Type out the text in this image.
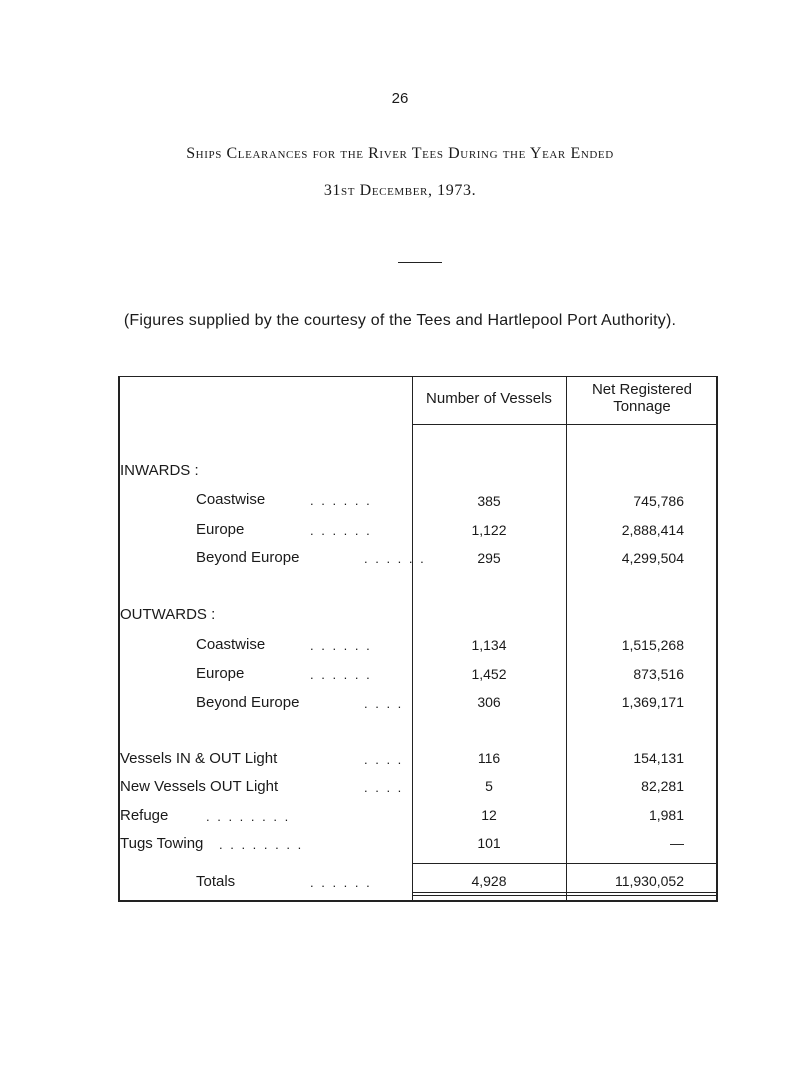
26
Ships Clearances for the River Tees During the Year Ended
31st December, 1973.
(Figures supplied by the courtesy of the Tees and Hartlepool Port Authority).
Number of Vessels
Net Registered Tonnage
INWARDS :
Coastwise	. . . . . .	385	745,786
Europe	. . . . . .	1,122	2,888,414
Beyond Europe	. . . . . .	295	4,299,504
OUTWARDS :
Coastwise	. . . . . .	1,134	1,515,268
Europe	. . . . . .	1,452	873,516
Beyond Europe	. . . .	306	1,369,171
Vessels IN & OUT Light	. . . .	116	154,131
New Vessels OUT Light	. . . .	5	82,281
Refuge	. . . . . . . .	12	1,981
Tugs Towing . . . . . . . .	101	—
Totals	. . . . . .	4,928	11,930,052
